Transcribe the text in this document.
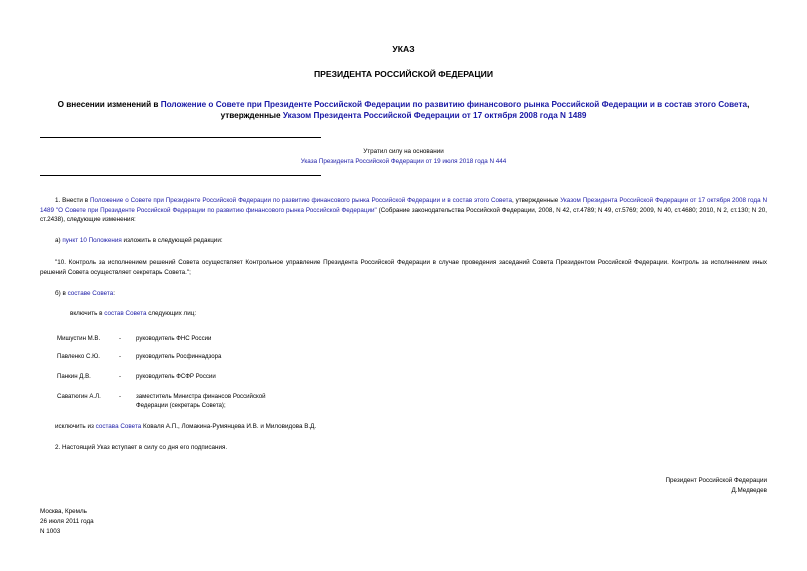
УКАЗ
ПРЕЗИДЕНТА РОССИЙСКОЙ ФЕДЕРАЦИИ
О внесении изменений в Положение о Совете при Президенте Российской Федерации по развитию финансового рынка Российской Федерации и в состав этого Совета, утвержденные Указом Президента Российской Федерации от 17 октября 2008 года N 1489
Утратил силу на основании
Указа Президента Российской Федерации от 19 июля 2018 года N 444
1. Внести в Положение о Совете при Президенте Российской Федерации по развитию финансового рынка Российской Федерации и в состав этого Совета, утвержденные Указом Президента Российской Федерации от 17 октября 2008 года N 1489 "О Совете при Президенте Российской Федерации по развитию финансового рынка Российской Федерации" (Собрание законодательства Российской Федерации, 2008, N 42, ст.4789; N 49, ст.5769; 2009, N 40, ст.4680; 2010, N 2, ст.130; N 20, ст.2438), следующие изменения:
а) пункт 10 Положения изложить в следующей редакции:
"10. Контроль за исполнением решений Совета осуществляет Контрольное управление Президента Российской Федерации в случае проведения заседаний Совета Президентом Российской Федерации. Контроль за исполнением иных решений Совета осуществляет секретарь Совета.";
б) в составе Совета:
включить в состав Совета следующих лиц:
Мишустин М.В.	- руководитель ФНС России
Павленко С.Ю.	- руководитель Росфиннадзора
Панкин Д.В.	- руководитель ФСФР России
Саватюгин А.Л.	- заместитель Министра финансов Российской Федерации (секретарь Совета);
исключить из состава Совета Коваля А.П., Ломакина-Румянцева И.В. и Миловидова В.Д.
2. Настоящий Указ вступает в силу со дня его подписания.
Президент Российской Федерации
Д.Медведев
Москва, Кремль
26 июля 2011 года
N 1003
